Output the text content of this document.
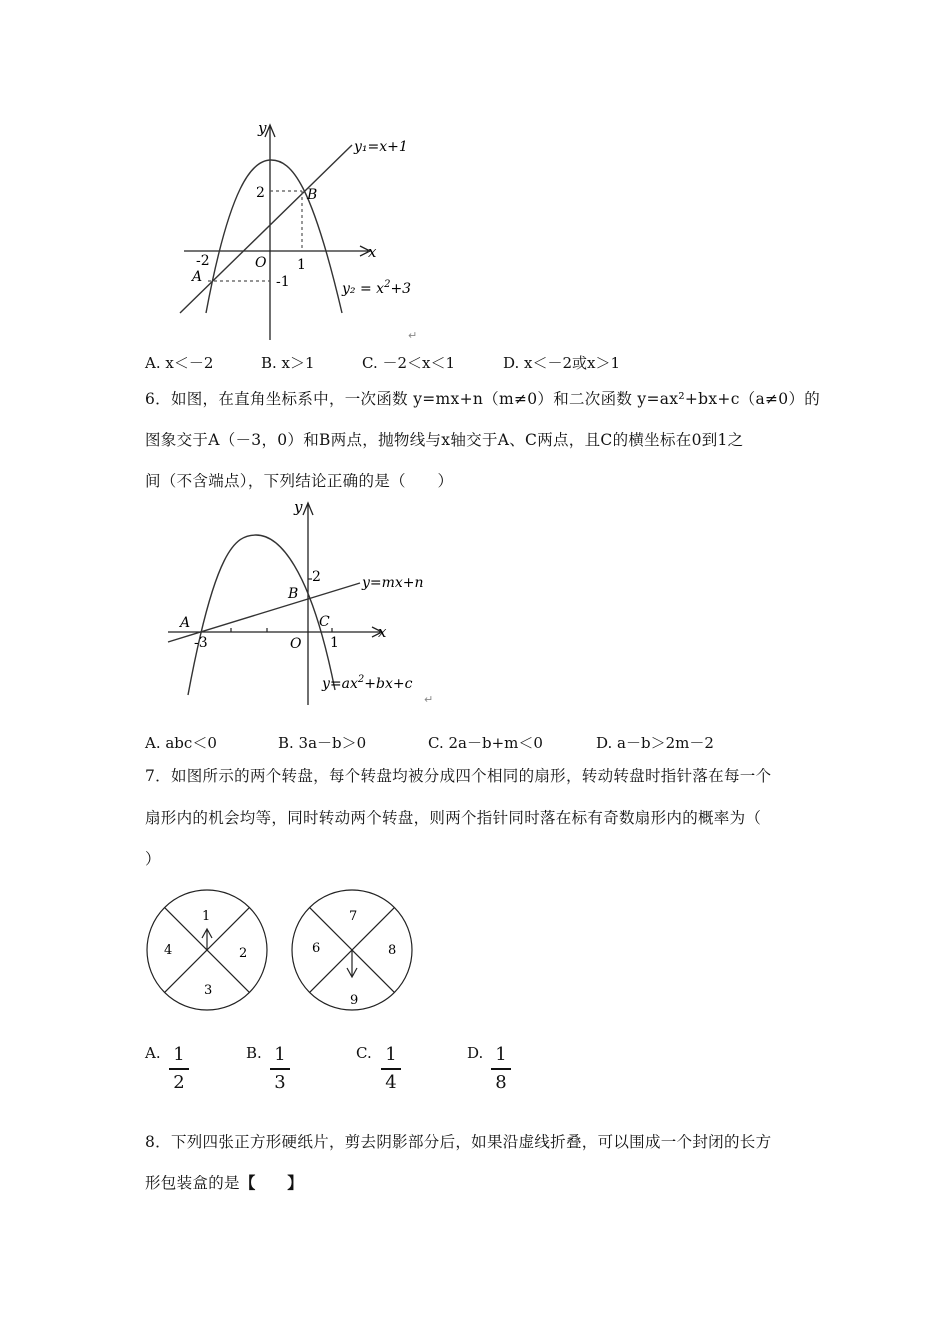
y
x
O
y₁=x+1
$y_2 = x^2+3$
B
A
2
-2	1
-1
↵
A. x＜－2	B. x＞1	C. －2＜x＜1	D. x＜－2或x＞1
6．如图，在直角坐标系中，一次函数 y=mx+n（m≠0）和二次函数 y=ax²+bx+c（a≠0）的
图象交于A（－3，0）和B两点，抛物线与x轴交于A、C两点，且C的横坐标在0到1之
间（不含端点），下列结论正确的是（　　）
y
x
O
A
B
C
-3	1
2	y=mx+n
$y=ax^2+bx+c$
↵
A. abc＜0	B. 3a－b＞0	C. 2a－b+m＜0	D. a－b＞2m－2
7．如图所示的两个转盘，每个转盘均被分成四个相同的扇形，转动转盘时指针落在每一个
扇形内的机会均等，同时转动两个转盘，则两个指针同时落在标有奇数扇形内的概率为（
）
1
2
3
4
7
8
9
6
A. 1
2
B. 1
3
C. 1
4
D. 1
8
8．下列四张正方形硬纸片，剪去阴影部分后，如果沿虚线折叠，可以围成一个封闭的长方
形包装盒的是【　　】
